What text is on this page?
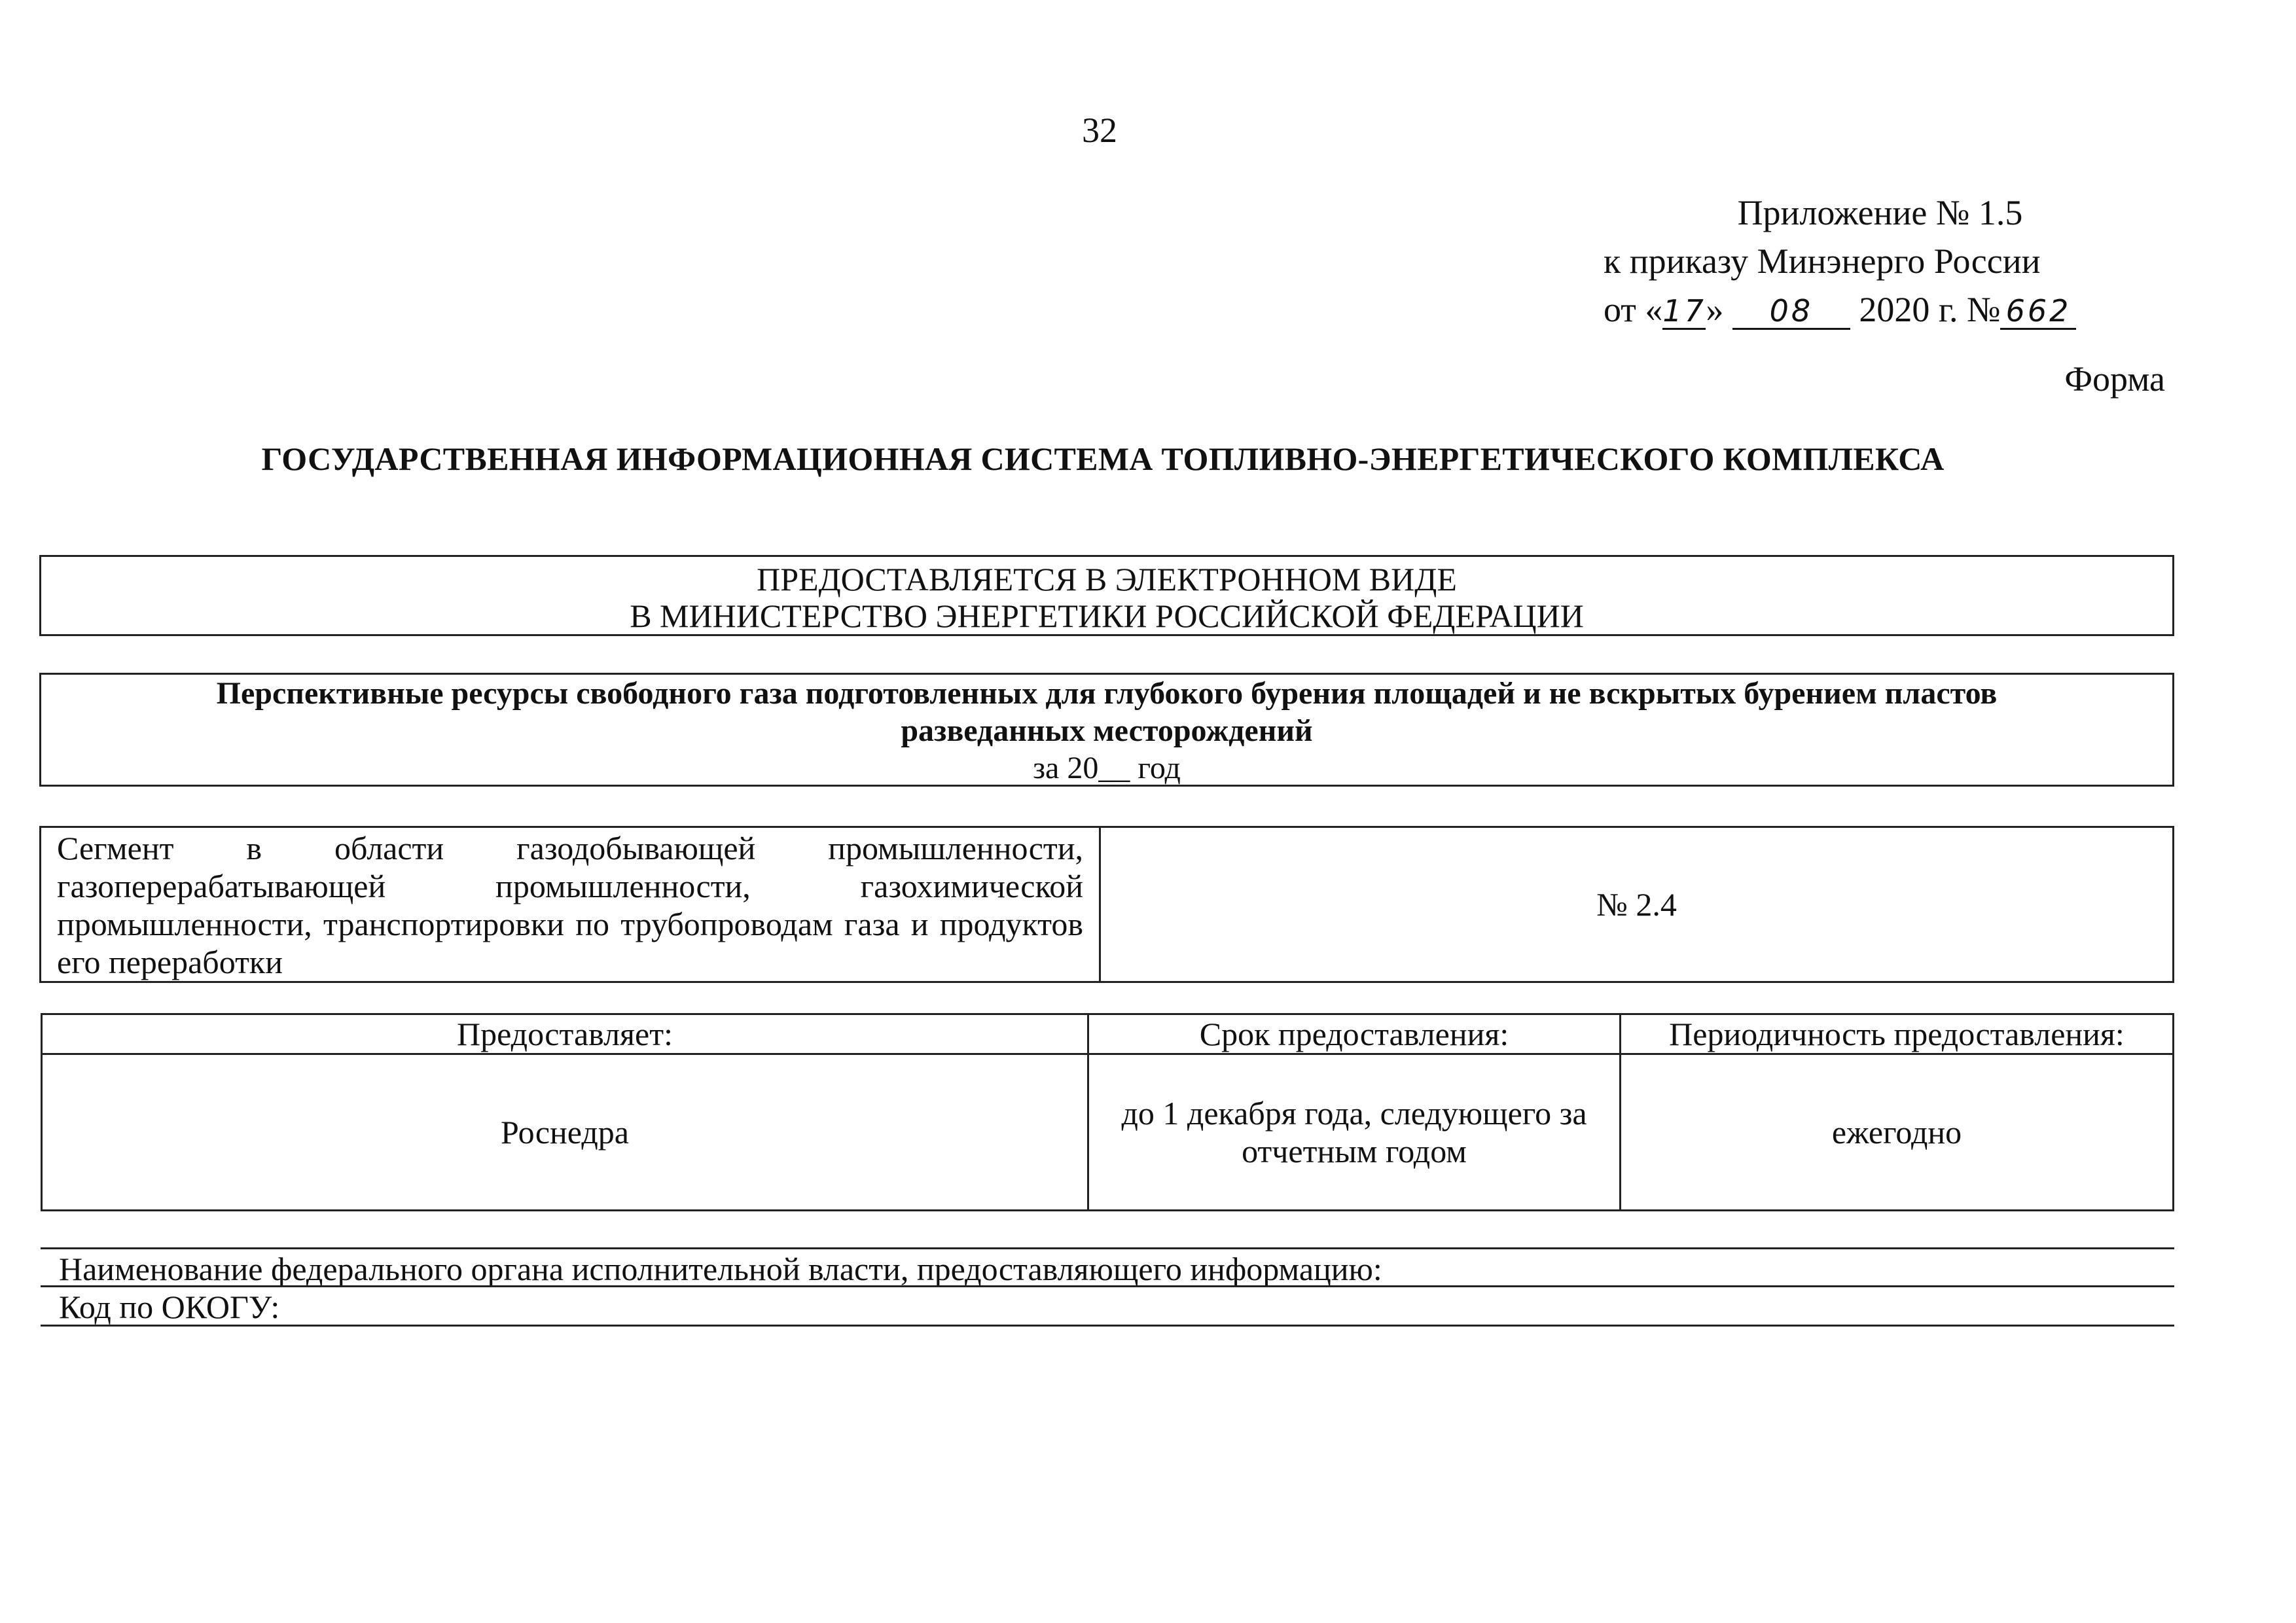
32
Приложение № 1.5
к приказу Минэнерго России
от «17» 08 2020 г. № 662
Форма
ГОСУДАРСТВЕННАЯ ИНФОРМАЦИОННАЯ СИСТЕМА ТОПЛИВНО-ЭНЕРГЕТИЧЕСКОГО КОМПЛЕКСА
ПРЕДОСТАВЛЯЕТСЯ В ЭЛЕКТРОННОМ ВИДЕ
В МИНИСТЕРСТВО ЭНЕРГЕТИКИ РОССИЙСКОЙ ФЕДЕРАЦИИ
Перспективные ресурсы свободного газа подготовленных для глубокого бурения площадей и не вскрытых бурением пластов
разведанных месторождений
за 20__ год
Сегмент в области газодобывающей промышленности, газоперерабатывающей промышленности, газохимической промышленности, транспортировки по трубопроводам газа и продуктов его переработки	№ 2.4
Предоставляет:	Срок предоставления:	Периодичность предоставления:
Роснедра	до 1 декабря года, следующего за отчетным годом	ежегодно
Наименование федерального органа исполнительной власти, предоставляющего информацию:
Код по ОКОГУ:
